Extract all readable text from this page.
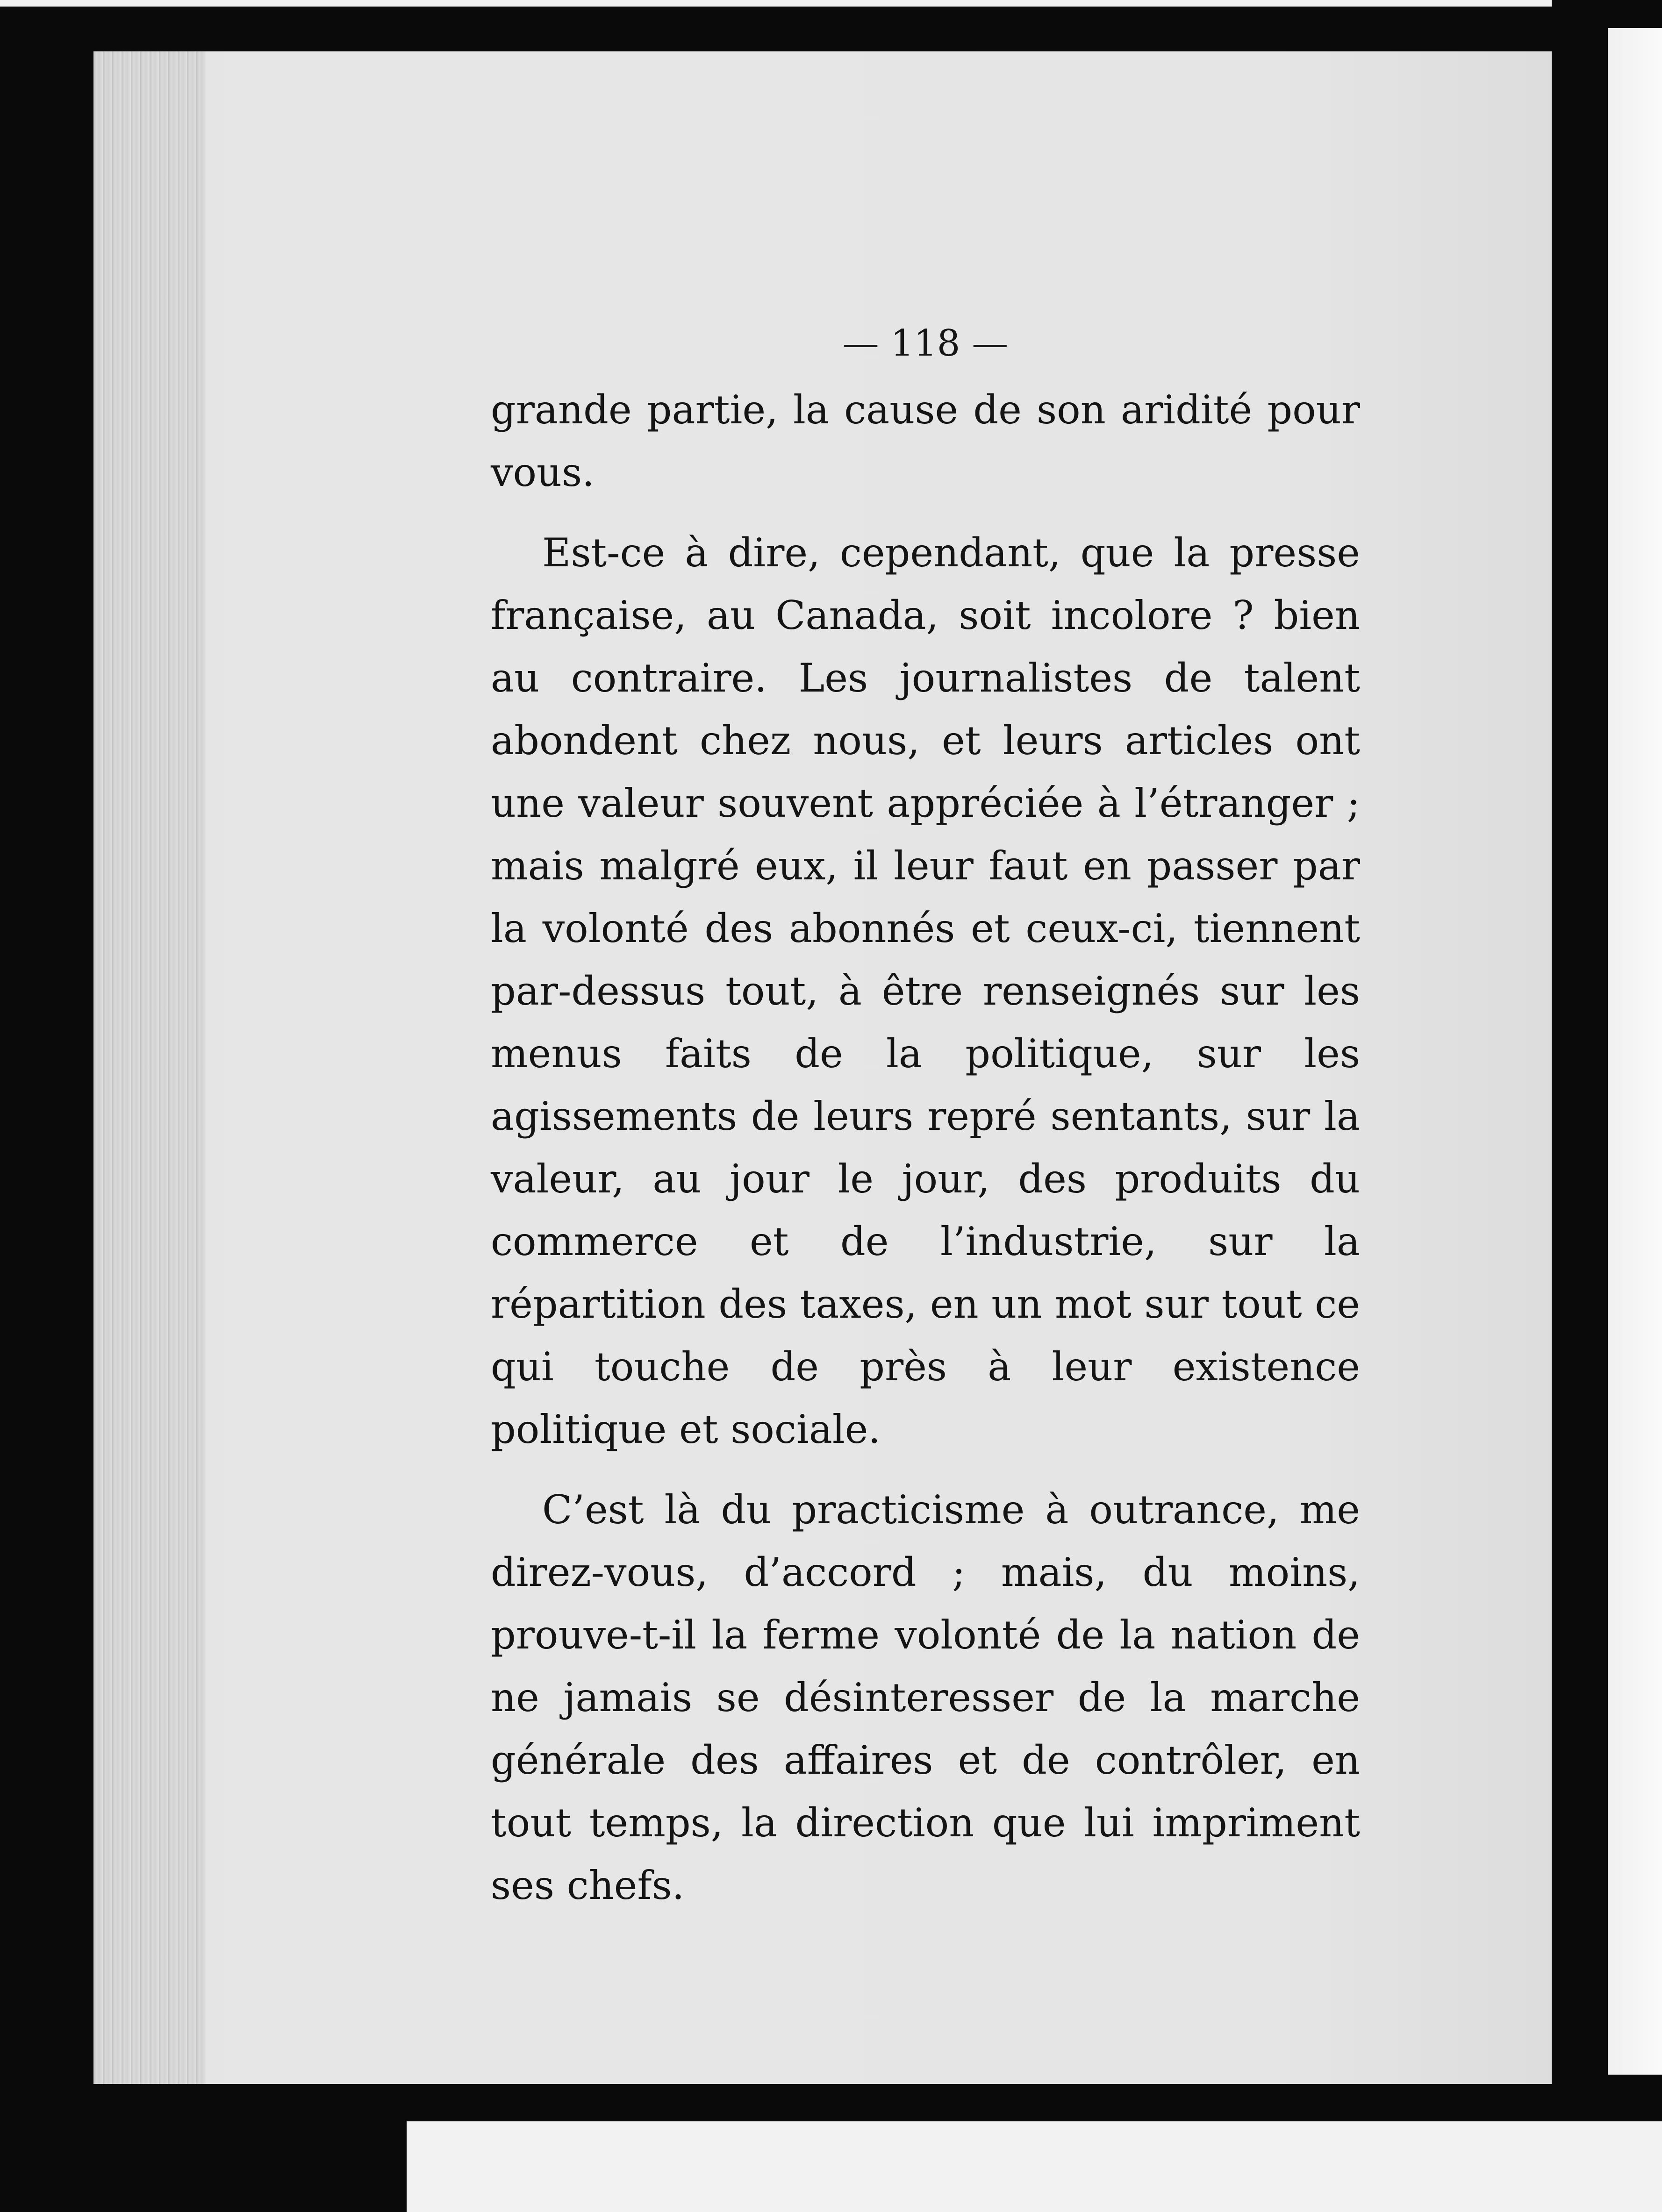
— 118 —

grande partie, la cause de son aridité pour vous.

Est-ce à dire, cependant, que la presse française, au Canada, soit incolore ? bien au contraire. Les journalistes de talent abondent chez nous, et leurs articles ont une valeur souvent appréciée à l’étranger ; mais malgré eux, il leur faut en passer par la volonté des abonnés et ceux-ci, tiennent par-dessus tout, à être renseignés sur les menus faits de la politique, sur les agissements de leurs repré sentants, sur la valeur, au jour le jour, des produits du commerce et de l’industrie, sur la répartition des taxes, en un mot sur tout ce qui touche de près à leur existence politique et sociale.

C’est là du practicisme à outrance, me direz-vous, d’accord ; mais, du moins, prouve-t-il la ferme volonté de la nation de ne jamais se désinteresser de la marche générale des affaires et de contrôler, en tout temps, la direction que lui impriment ses chefs.
